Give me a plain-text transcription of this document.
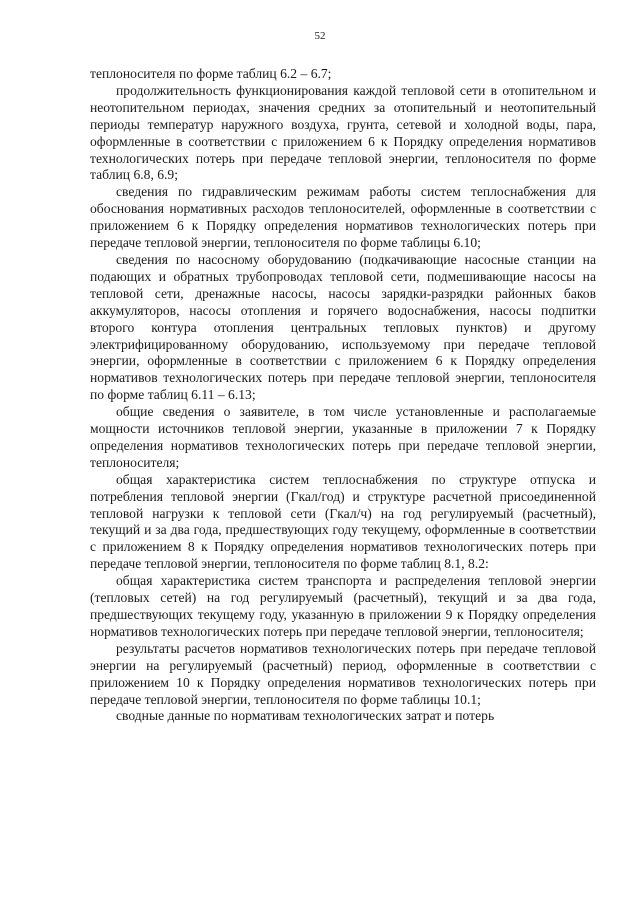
52

теплоносителя по форме таблиц 6.2 – 6.7;

продолжительность функционирования каждой тепловой сети в отопительном и неотопительном периодах, значения средних за отопительный и неотопительный периоды температур наружного воздуха, грунта, сетевой и холодной воды, пара, оформленные в соответствии с приложением 6 к Порядку определения нормативов технологических потерь при передаче тепловой энергии, теплоносителя по форме таблиц 6.8, 6.9;

сведения по гидравлическим режимам работы систем теплоснабжения для обоснования нормативных расходов теплоносителей, оформленные в соответствии с приложением 6 к Порядку определения нормативов технологических потерь при передаче тепловой энергии, теплоносителя по форме таблицы 6.10;

сведения по насосному оборудованию (подкачивающие насосные станции на подающих и обратных трубопроводах тепловой сети, подмешивающие насосы на тепловой сети, дренажные насосы, насосы зарядки-разрядки районных баков аккумуляторов, насосы отопления и горячего водоснабжения, насосы подпитки второго контура отопления центральных тепловых пунктов) и другому электрифицированному оборудованию, используемому при передаче тепловой энергии, оформленные в соответствии с приложением 6 к Порядку определения нормативов технологических потерь при передаче тепловой энергии, теплоносителя по форме таблиц 6.11 – 6.13;

общие сведения о заявителе, в том числе установленные и располагаемые мощности источников тепловой энергии, указанные в приложении 7 к Порядку определения нормативов технологических потерь при передаче тепловой энергии, теплоносителя;

общая характеристика систем теплоснабжения по структуре отпуска и потребления тепловой энергии (Гкал/год) и структуре расчетной присоединенной тепловой нагрузки к тепловой сети (Гкал/ч) на год регулируемый (расчетный), текущий и за два года, предшествующих году текущему, оформленные в соответствии с приложением 8 к Порядку определения нормативов технологических потерь при передаче тепловой энергии, теплоносителя по форме таблиц 8.1, 8.2:

общая характеристика систем транспорта и распределения тепловой энергии (тепловых сетей) на год регулируемый (расчетный), текущий и за два года, предшествующих текущему году, указанную в приложении 9 к Порядку определения нормативов технологических потерь при передаче тепловой энергии, теплоносителя;

результаты расчетов нормативов технологических потерь при передаче тепловой энергии на регулируемый (расчетный) период, оформленные в соответствии с приложением 10 к Порядку определения нормативов технологических потерь при передаче тепловой энергии, теплоносителя по форме таблицы 10.1;

сводные данные по нормативам технологических затрат и потерь
